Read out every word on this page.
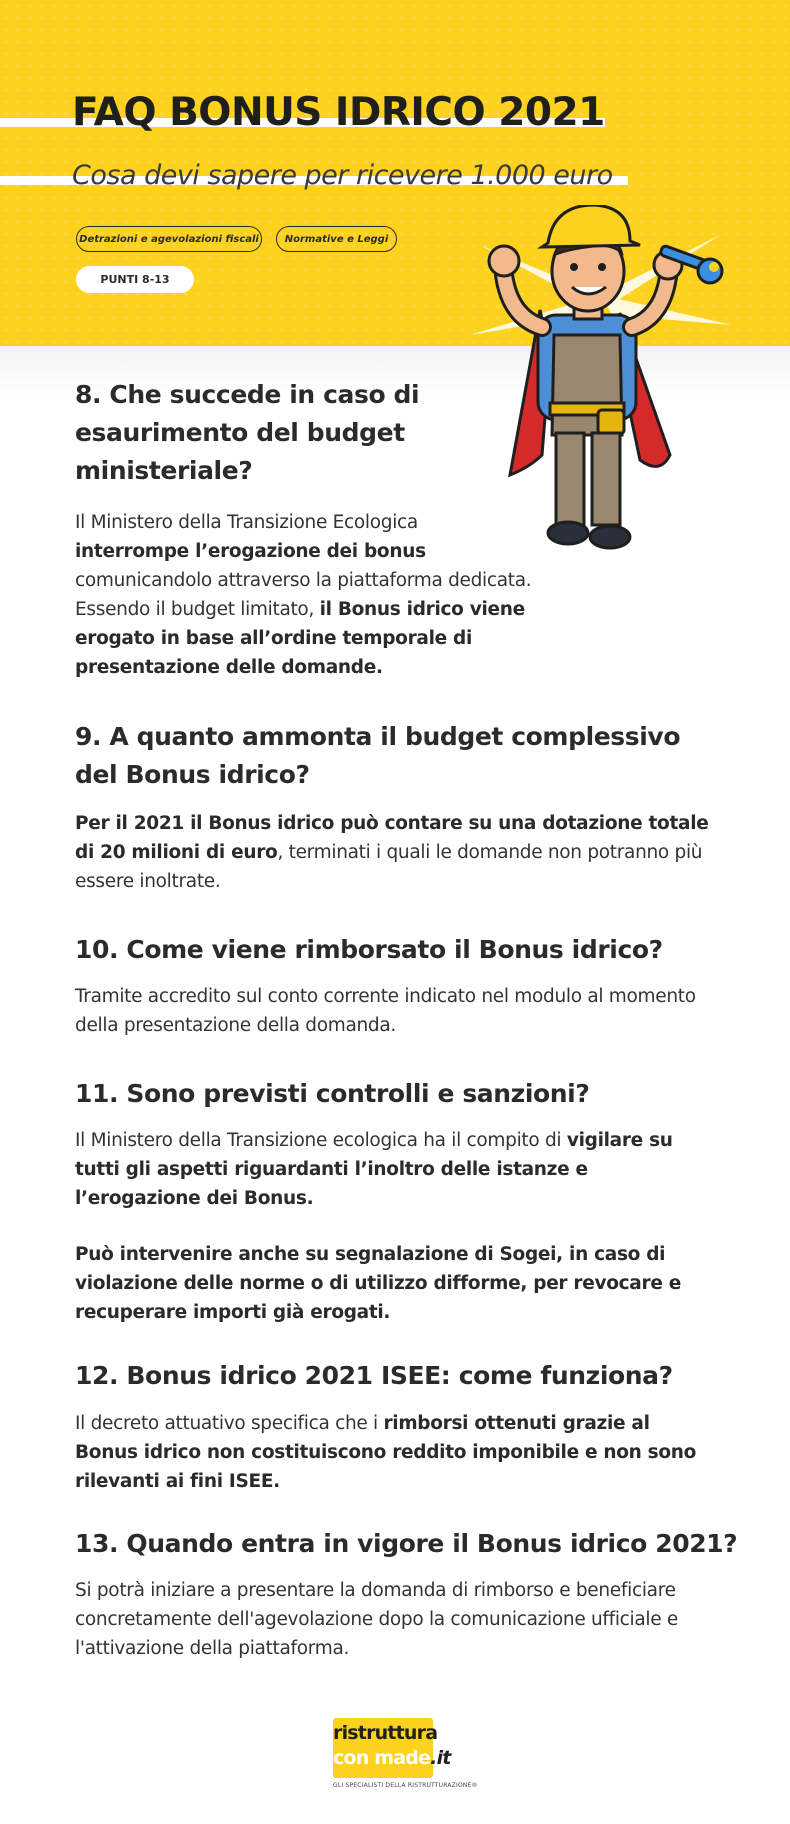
FAQ BONUS IDRICO 2021
Cosa devi sapere per ricevere 1.000 euro
Detrazioni e agevolazioni fiscali	Normative e Leggi
PUNTI 8-13
8. Che succede in caso di esaurimento del budget ministeriale?
Il Ministero della Transizione Ecologica interrompe l’erogazione dei bonus comunicandolo attraverso la piattaforma dedicata. Essendo il budget limitato, il Bonus idrico viene erogato in base all’ordine temporale di presentazione delle domande.
9. A quanto ammonta il budget complessivo del Bonus idrico?
Per il 2021 il Bonus idrico può contare su una dotazione totale di 20 milioni di euro, terminati i quali le domande non potranno più essere inoltrate.
10. Come viene rimborsato il Bonus idrico?
Tramite accredito sul conto corrente indicato nel modulo al momento della presentazione della domanda.
11. Sono previsti controlli e sanzioni?
Il Ministero della Transizione ecologica ha il compito di vigilare su tutti gli aspetti riguardanti l’inoltro delle istanze e l’erogazione dei Bonus.
Può intervenire anche su segnalazione di Sogei, in caso di violazione delle norme o di utilizzo difforme, per revocare e recuperare importi già erogati.
12. Bonus idrico 2021 ISEE: come funziona?
Il decreto attuativo specifica che i rimborsi ottenuti grazie al Bonus idrico non costituiscono reddito imponibile e non sono rilevanti ai fini ISEE.
13. Quando entra in vigore il Bonus idrico 2021?
Si potrà iniziare a presentare la domanda di rimborso e beneficiare concretamente dell'agevolazione dopo la comunicazione ufficiale e l'attivazione della piattaforma.
ristruttura
con made.it
GLI SPECIALISTI DELLA RISTRUTTURAZIONE®
